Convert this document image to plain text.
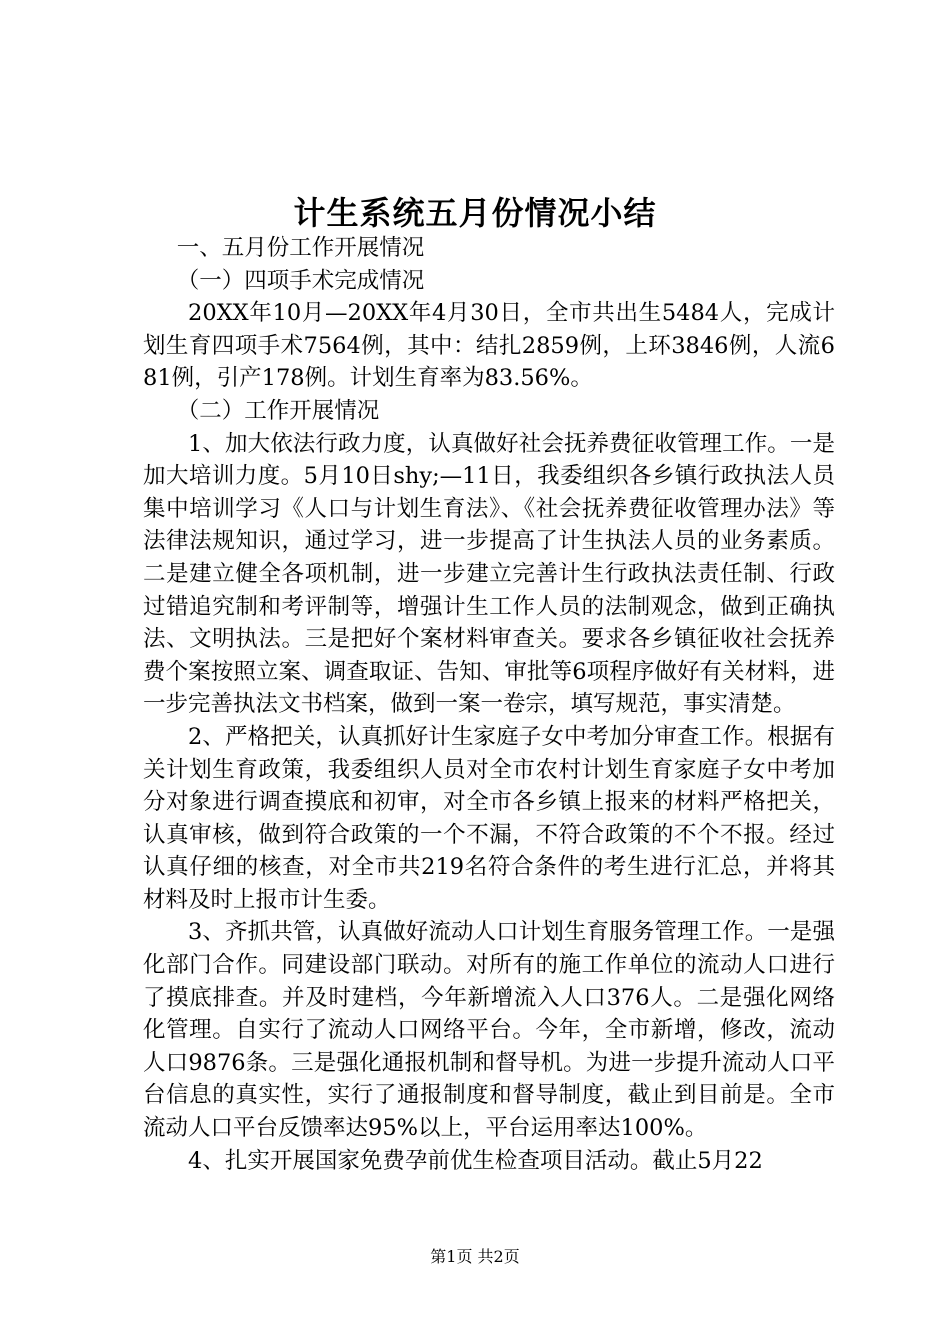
计生系统五月份情况小结

一、五月份工作开展情况

（一）四项手术完成情况

20XX年10月—20XX年4月30日，全市共出生5484人，完成计划生育四项手术7564例，其中：结扎2859例，上环3846例，人流681例，引产178例。计划生育率为83.56%。

（二）工作开展情况

1、加大依法行政力度，认真做好社会抚养费征收管理工作。一是加大培训力度。5月10日shy;—11日，我委组织各乡镇行政执法人员集中培训学习《人口与计划生育法》、《社会抚养费征收管理办法》等法律法规知识，通过学习，进一步提高了计生执法人员的业务素质。二是建立健全各项机制，进一步建立完善计生行政执法责任制、行政过错追究制和考评制等，增强计生工作人员的法制观念，做到正确执法、文明执法。三是把好个案材料审查关。要求各乡镇征收社会抚养费个案按照立案、调查取证、告知、审批等6项程序做好有关材料，进一步完善执法文书档案，做到一案一卷宗，填写规范，事实清楚。

2、严格把关，认真抓好计生家庭子女中考加分审查工作。根据有关计划生育政策，我委组织人员对全市农村计划生育家庭子女中考加分对象进行调查摸底和初审，对全市各乡镇上报来的材料严格把关，认真审核，做到符合政策的一个不漏，不符合政策的不个不报。经过认真仔细的核查，对全市共219名符合条件的考生进行汇总，并将其材料及时上报市计生委。

3、齐抓共管，认真做好流动人口计划生育服务管理工作。一是强化部门合作。同建设部门联动。对所有的施工作单位的流动人口进行了摸底排查。并及时建档，今年新增流入人口376人。二是强化网络化管理。自实行了流动人口网络平台。今年，全市新增，修改，流动人口9876条。三是强化通报机制和督导机。为进一步提升流动人口平台信息的真实性，实行了通报制度和督导制度，截止到目前是。全市流动人口平台反馈率达95%以上，平台运用率达100%。

4、扎实开展国家免费孕前优生检查项目活动。截止5月22

第1页 共2页
